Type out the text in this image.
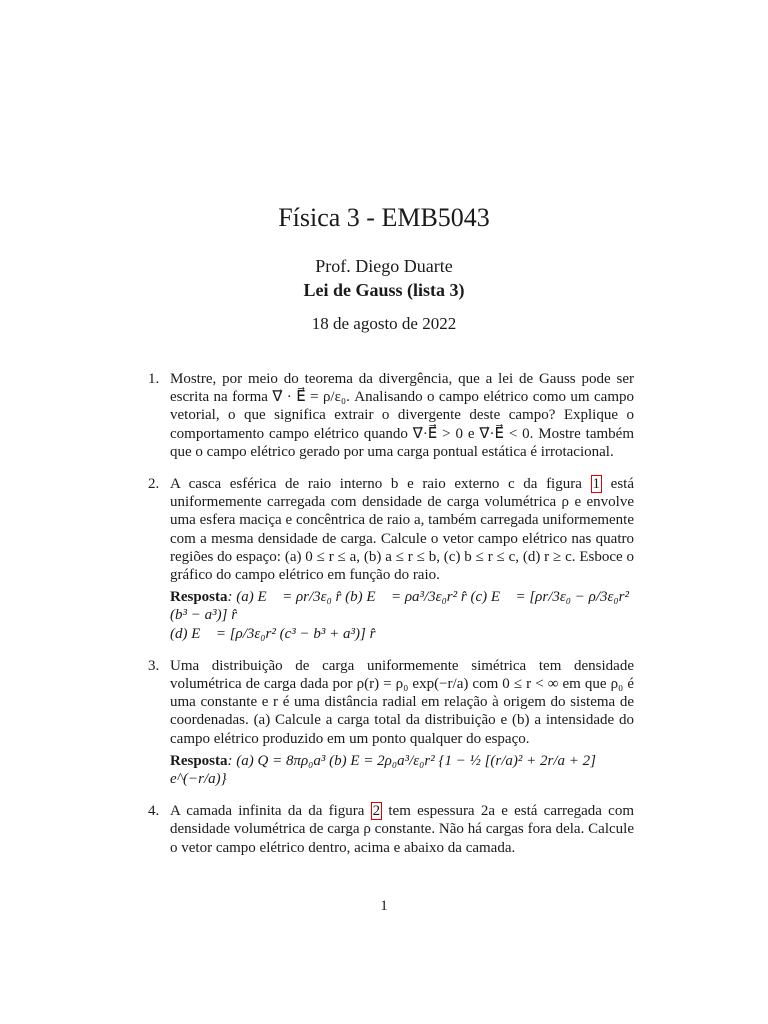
Física 3 - EMB5043
Prof. Diego Duarte
Lei de Gauss (lista 3)
18 de agosto de 2022
1. Mostre, por meio do teorema da divergência, que a lei de Gauss pode ser escrita na forma ∇⃗ · E⃗ = ρ/ε₀. Analisando o campo elétrico como um campo vetorial, o que significa extrair o divergente deste campo? Explique o comportamento campo elétrico quando ∇⃗·E⃗ > 0 e ∇⃗·E⃗ < 0. Mostre também que o campo elétrico gerado por uma carga pontual estática é irrotacional.
2. A casca esférica de raio interno b e raio externo c da figura 1 está uniformemente carregada com densidade de carga volumétrica ρ e envolve uma esfera maciça e concêntrica de raio a, também carregada uniformemente com a mesma densidade de carga. Calcule o vetor campo elétrico nas quatro regiões do espaço: (a) 0 ≤ r ≤ a, (b) a ≤ r ≤ b, (c) b ≤ r ≤ c, (d) r ≥ c. Esboce o gráfico do campo elétrico em função do raio.
Resposta: (a) E⃗ = ρr/3ε₀ r̂ (b) E⃗ = ρa³/3ε₀r² r̂ (c) E⃗ = [ρr/3ε₀ − ρ/3ε₀r² (b³ − a³)] r̂
(d) E⃗ = [ρ/3ε₀r² (c³ − b³ + a³)] r̂
3. Uma distribuição de carga uniformemente simétrica tem densidade volumétrica de carga dada por ρ(r) = ρ₀ exp(−r/a) com 0 ≤ r < ∞ em que ρ₀ é uma constante e r é uma distância radial em relação à origem do sistema de coordenadas. (a) Calcule a carga total da distribuição e (b) a intensidade do campo elétrico produzido em um ponto qualquer do espaço.
Resposta: (a) Q = 8πρ₀a³ (b) E = 2ρ₀a³/ε₀r² {1 − ½ [(r/a)² + 2r/a + 2] e^(−r/a)}
4. A camada infinita da da figura 2 tem espessura 2a e está carregada com densidade volumétrica de carga ρ constante. Não há cargas fora dela. Calcule o vetor campo elétrico dentro, acima e abaixo da camada.
1
